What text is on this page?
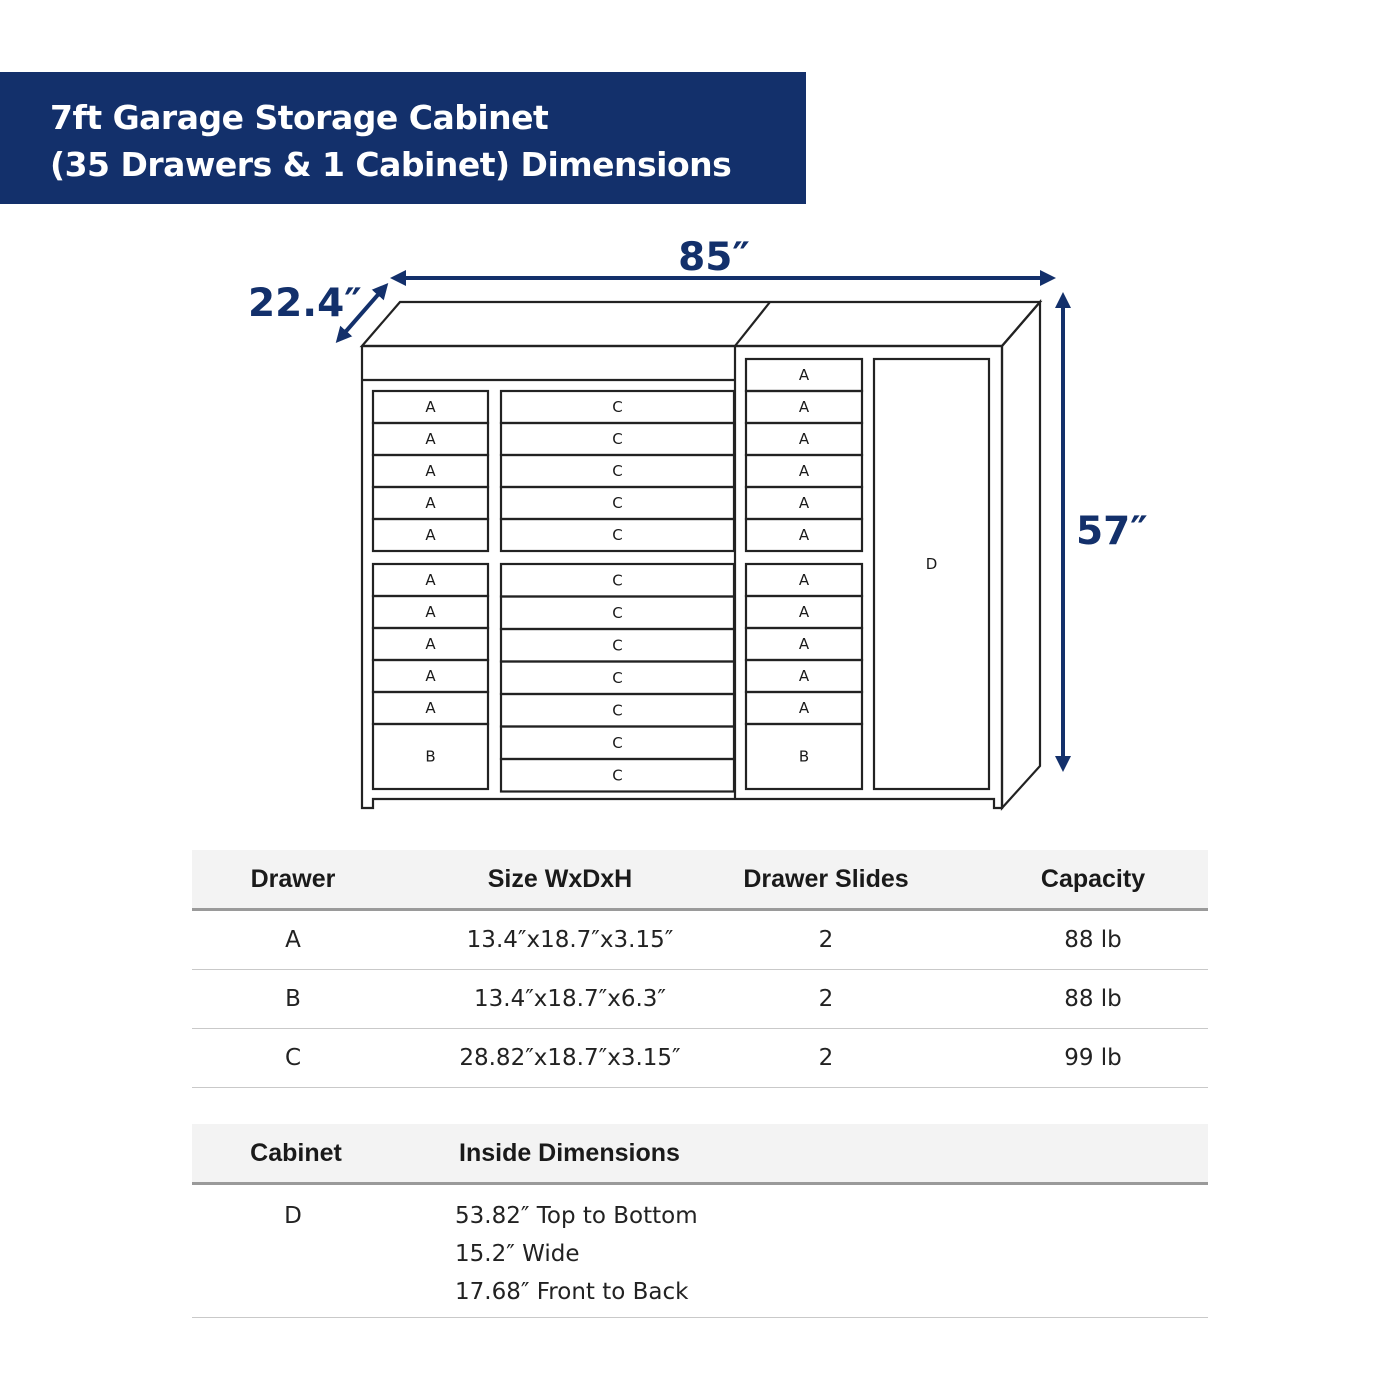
7ft Garage Storage Cabinet
(35 Drawers & 1 Cabinet) Dimensions
A
A
A
A
A
A
A
A
A
A
B
C
C
C
C
C
C
C
C
C
C
C
C
A
A
A
A
A
A
A
A
A
A
A
B
D
85″
22.4″
57″
Drawer	Size WxDxH	Drawer Slides	Capacity
A	13.4″x18.7″x3.15″	2	88 lb
B	13.4″x18.7″x6.3″	2	88 lb
C	28.82″x18.7″x3.15″	2	99 lb
Cabinet	Inside Dimensions
D	53.82″ Top to Bottom
15.2″ Wide
17.68″ Front to Back
